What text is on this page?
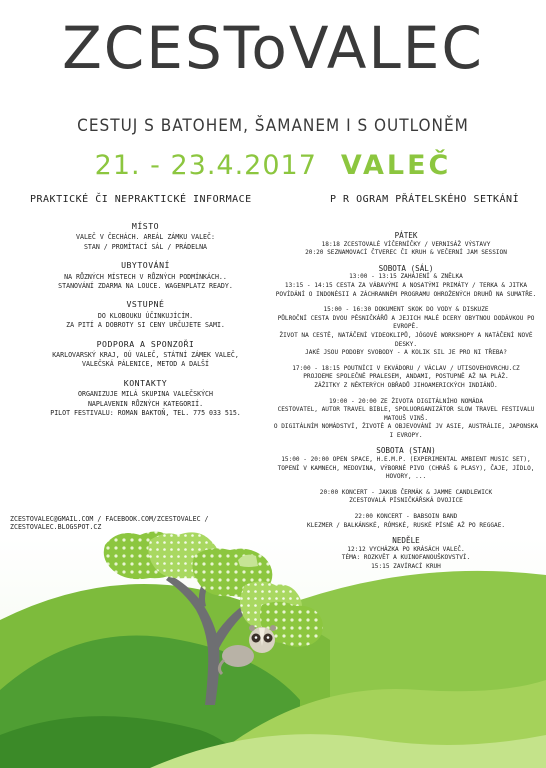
ZCESToVALEC
CESTUJ S BATOHEM, ŠAMANEM I S OUTLONĚM
21. - 23.4.2017 VALEČ
PRAKTICKÉ ČI NEPRAKTICKÉ INFORMACE	P R OGRAM PŘÁTELSKÉHO SETKÁNÍ
MÍSTO
VALEČ V ČECHÁCH. AREÁL ZÁMKU VALEČ:
STAN / PROMÍTACÍ SÁL / PRÁDELNA
UBYTOVÁNÍ
NA RŮZNÝCH MÍSTECH V RŮZNÝCH PODMÍNKÁCH..
STANOVÁNÍ ZDARMA NA LOUCE. WAGENPLATZ READY.
VSTUPNÉ
DO KLOBOUKU ÚČINKUJÍCÍM.
ZA PITÍ A DOBROTY SI CENY URČUJETE SAMI.
PODPORA A SPONZOŘI
KARLOVARSKÝ KRAJ, OÚ VALEČ, STÁTNÍ ZÁMEK VALEČ,
VALEČSKÁ PÁLENICE, METOD A DALŠÍ
KONTAKTY
ORGANIZUJE MILÁ SKUPINA VALEČSKÝCH
NAPLAVENIN RŮZNÝCH KATEGORIÍ.
PILOT FESTIVALU: ROMAN BAKTOŇ, TEL. 775 033 515.
ZCESTOVALEC@GMAIL.COM / FACEBOOK.COM/ZCESTOVALEC / ZCESTOVALEC.BLOGSPOT.CZ
PÁTEK
18:18 ZCESTOVALÉ VÍČERNÍČKY / VERNISÁŽ VÝSTAVY
20:20 SEZNAMOVACÍ ČTVEREC ČI KRUH & VEČERNÍ JAM SESSION
SOBOTA (SÁL)
13:00 - 13:15 ZAHÁJENÍ & ZNĚLKA
13:15 - 14:15 CESTA ZA VÁBAVÝMI A NOSATÝMI PRIMÁTY / TERKA & JITKA
POVÍDÁNÍ O INDONÉSII A ZÁCHRANNÉM PROGRAMU OHROŽENÝCH DRUHŮ NA SUMATŘE.
15:00 - 16:30 DOKUMENT SKOK DO VODY & DISKUZE
PŮLROČNÍ CESTA DVOU PĚSNIČKÁŘŮ A JEJICH MALÉ DCERY OBYTNOU DODÁVKOU PO EVROPĚ.
ŽIVOT NA CESTĚ, NATÁČENÍ VIDEOKLIPŮ, JÓGOVÉ WORKSHOPY A NATÁČENÍ NOVÉ DESKY.
JAKÉ JSOU PODOBY SVOBODY - A KOLIK SIL JE PRO NI TŘEBA?
17:00 - 18:15 POUTNÍCI V EKVÁDORU / VÁCLAV / UTISOVEHOVRCHU.CZ
PROJDEME SPOLEČNĚ PRALESEM, ANDAMI, POSTUPNĚ AŽ NA PLÁŽ.
ZÁŽITKY Z NĚKTERÝCH OBŘADŮ JIHOAMERICKÝCH INDIÁNŮ.
19:00 - 20:00 ZE ŽIVOTA DIGITÁLNÍHO NOMÁDA
CESTOVATEL, AUTOR TRAVEL BIBLE, SPOLUORGANIZÁTOR SLOW TRAVEL FESTIVALU MATOUŠ VINŠ.
O DIGITÁLNÍM NOMÁDSTVÍ, ŽIVOTĚ A OBJEVOVÁNÍ JV ASIE, AUSTRÁLIE, JAPONSKA I EVROPY.
SOBOTA (STAN)
15:00 - 20:00 OPEN SPACE, H.E.M.P. (EXPERIMENTAL AMBIENT MUSIC SET),
TOPENÍ V KAMNECH, MEDOVINA, VÝBORNÉ PIVO (CHRÁŠ & PLASY), ČAJE, JÍDLO, HOVORY, ...
20:00 KONCERT - JAKUB ČERMÁK & JAMME CANDLEWICK
ZCESTOVALÁ PÍSNIČKÁŘSKÁ DVOJICE
22:00 KONCERT - BABSOIN BAND
KLEZMER / BALKÁNSKÉ, RÓMSKÉ, RUSKÉ PÍSNĚ AŽ PO REGGAE.
NEDĚLE
12:12 VYCHÁZKA PO KRÁSÁCH VALEČ.
TÉMA: ROZKVĚT A KUINOFANOUŠKOVSTVÍ.
15:15 ZAVÍRACÍ KRUH
